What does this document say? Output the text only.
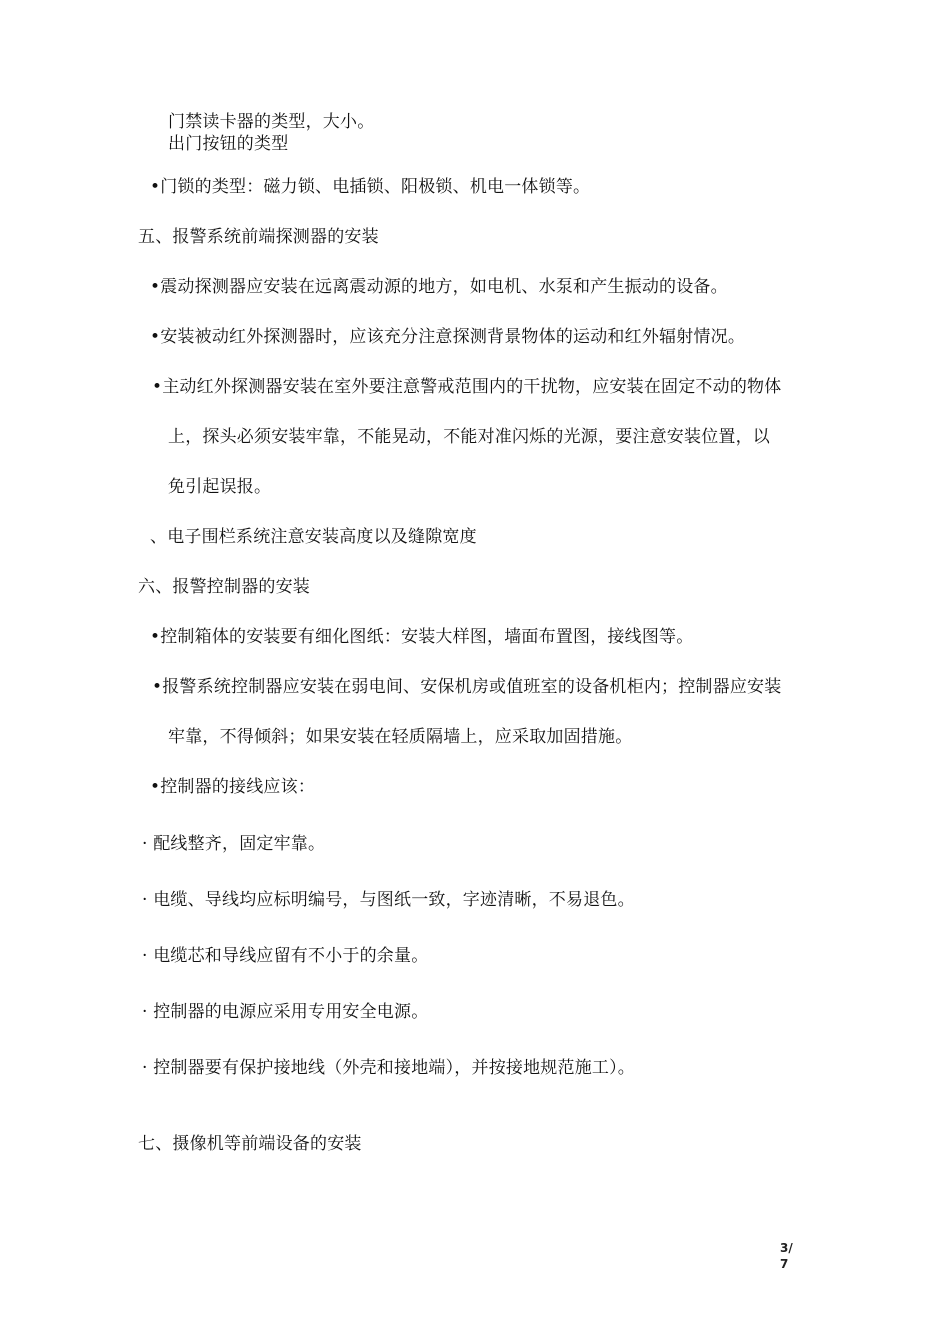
门禁读卡器的类型，大小。
出门按钮的类型
•门锁的类型：磁力锁、电插锁、阳极锁、机电一体锁等。
五、报警系统前端探测器的安装
•震动探测器应安装在远离震动源的地方，如电机、水泵和产生振动的设备。
•安装被动红外探测器时，应该充分注意探测背景物体的运动和红外辐射情况。
•主动红外探测器安装在室外要注意警戒范围内的干扰物，应安装在固定不动的物体
上，探头必须安装牢靠，不能晃动，不能对准闪烁的光源，要注意安装位置，以
免引起误报。
、电子围栏系统注意安装高度以及缝隙宽度
六、报警控制器的安装
•控制箱体的安装要有细化图纸：安装大样图，墙面布置图，接线图等。
•报警系统控制器应安装在弱电间、安保机房或值班室的设备机柜内；控制器应安装
牢靠，不得倾斜；如果安装在轻质隔墙上，应采取加固措施。
•控制器的接线应该：
· 配线整齐，固定牢靠。
· 电缆、导线均应标明编号，与图纸一致，字迹清晰，不易退色。
· 电缆芯和导线应留有不小于的余量。
· 控制器的电源应采用专用安全电源。
· 控制器要有保护接地线（外壳和接地端），并按接地规范施工）。
七、摄像机等前端设备的安装
3/
7
